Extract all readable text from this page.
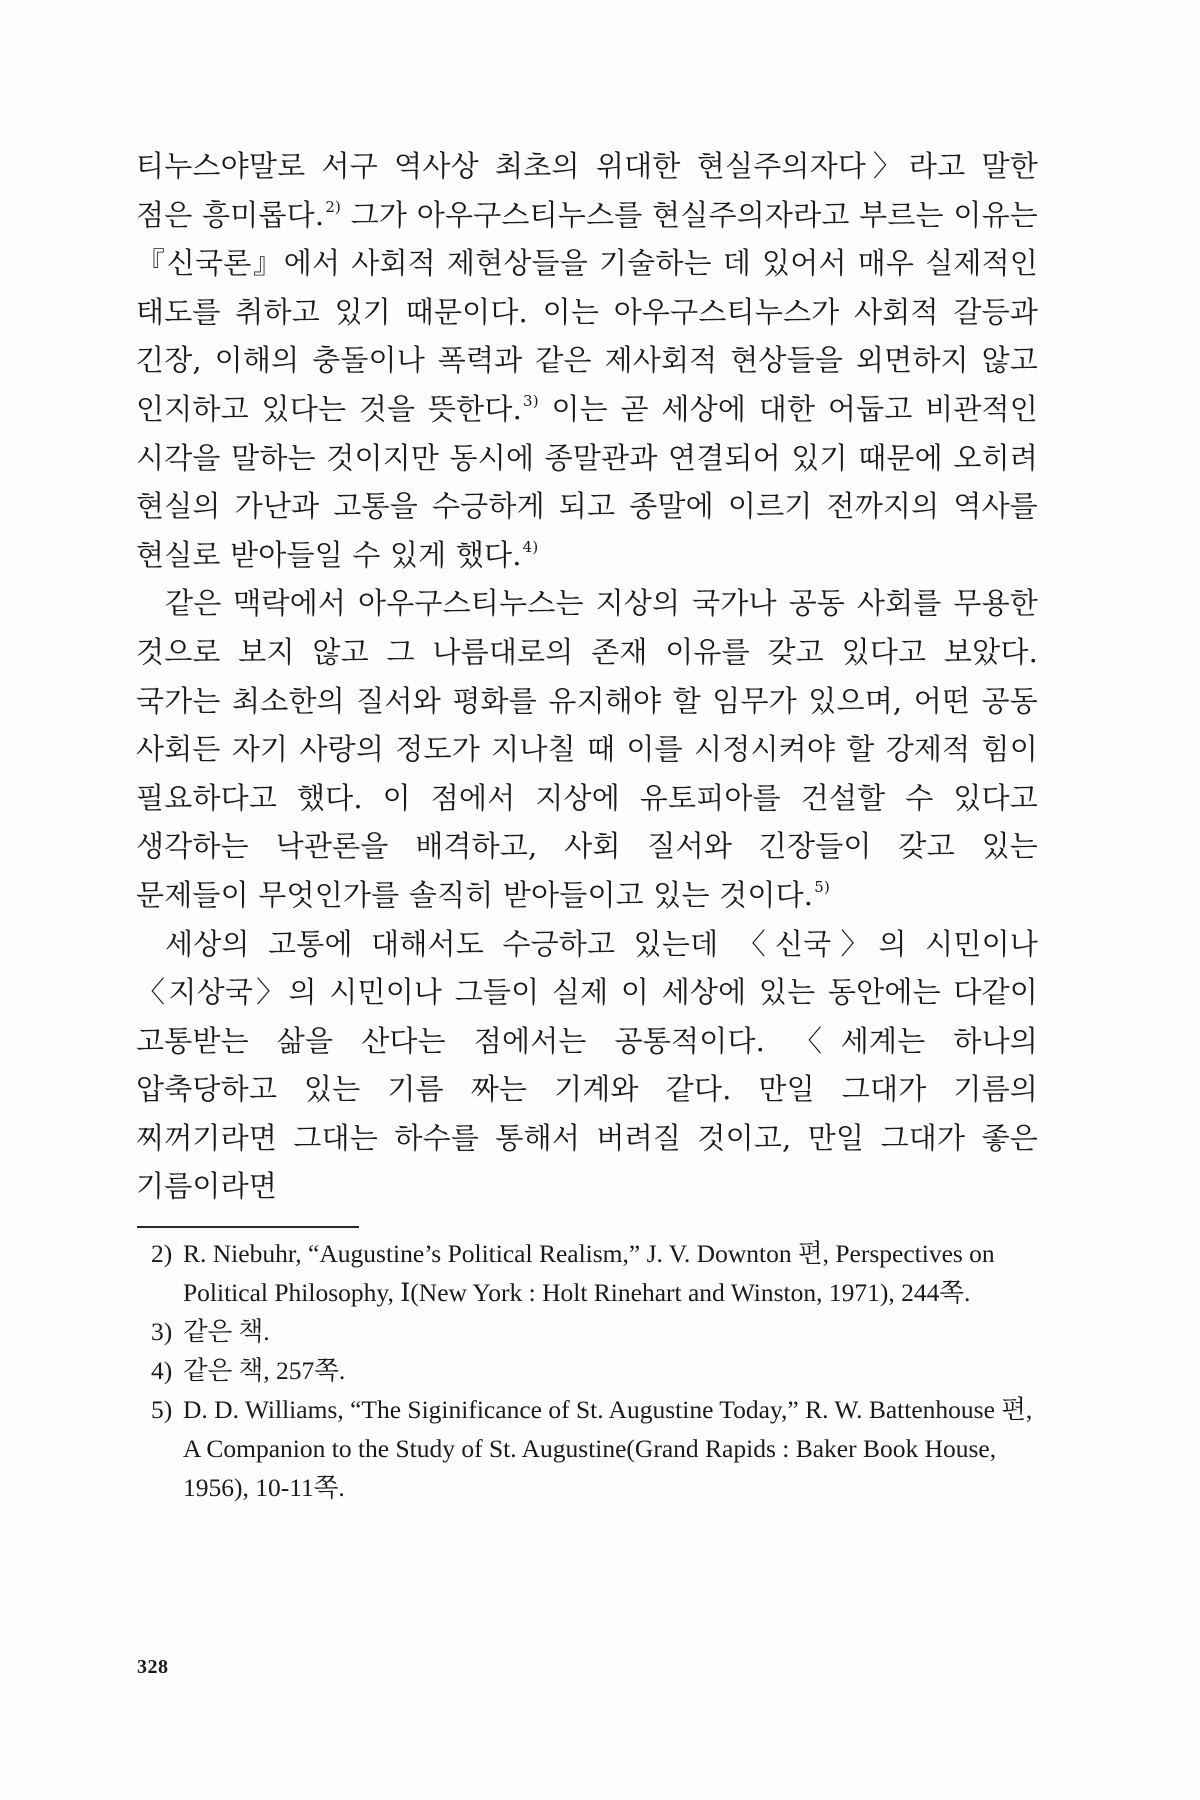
티누스야말로 서구 역사상 최초의 위대한 현실주의자다〉라고 말한 점은 흥미롭다.$^{2)}$ 그가 아우구스티누스를 현실주의자라고 부르는 이유는 『신국론』에서 사회적 제현상들을 기술하는 데 있어서 매우 실제적인 태도를 취하고 있기 때문이다. 이는 아우구스티누스가 사회적 갈등과 긴장, 이해의 충돌이나 폭력과 같은 제사회적 현상들을 외면하지 않고 인지하고 있다는 것을 뜻한다.$^{3)}$ 이는 곧 세상에 대한 어둡고 비관적인 시각을 말하는 것이지만 동시에 종말관과 연결되어 있기 때문에 오히려 현실의 가난과 고통을 수긍하게 되고 종말에 이르기 전까지의 역사를 현실로 받아들일 수 있게 했다.$^{4)}$

같은 맥락에서 아우구스티누스는 지상의 국가나 공동 사회를 무용한 것으로 보지 않고 그 나름대로의 존재 이유를 갖고 있다고 보았다. 국가는 최소한의 질서와 평화를 유지해야 할 임무가 있으며, 어떤 공동 사회든 자기 사랑의 정도가 지나칠 때 이를 시정시켜야 할 강제적 힘이 필요하다고 했다. 이 점에서 지상에 유토피아를 건설할 수 있다고 생각하는 낙관론을 배격하고, 사회 질서와 긴장들이 갖고 있는 문제들이 무엇인가를 솔직히 받아들이고 있는 것이다.$^{5)}$

세상의 고통에 대해서도 수긍하고 있는데 〈신국〉의 시민이나 〈지상국〉의 시민이나 그들이 실제 이 세상에 있는 동안에는 다같이 고통받는 삶을 산다는 점에서는 공통적이다. 〈세계는 하나의 압축당하고 있는 기름 짜는 기계와 같다. 만일 그대가 기름의 찌꺼기라면 그대는 하수를 통해서 버려질 것이고, 만일 그대가 좋은 기름이라면

2) R. Niebuhr, “Augustine’s Political Realism,” J. V. Downton 편, Perspectives on Political Philosophy, Ⅰ(New York : Holt Rinehart and Winston, 1971), 244쪽.
3) 같은 책.
4) 같은 책, 257쪽.
5) D. D. Williams, “The Siginificance of St. Augustine Today,” R. W. Battenhouse 편, A Companion to the Study of St. Augustine(Grand Rapids : Baker Book House, 1956), 10-11쪽.
328
